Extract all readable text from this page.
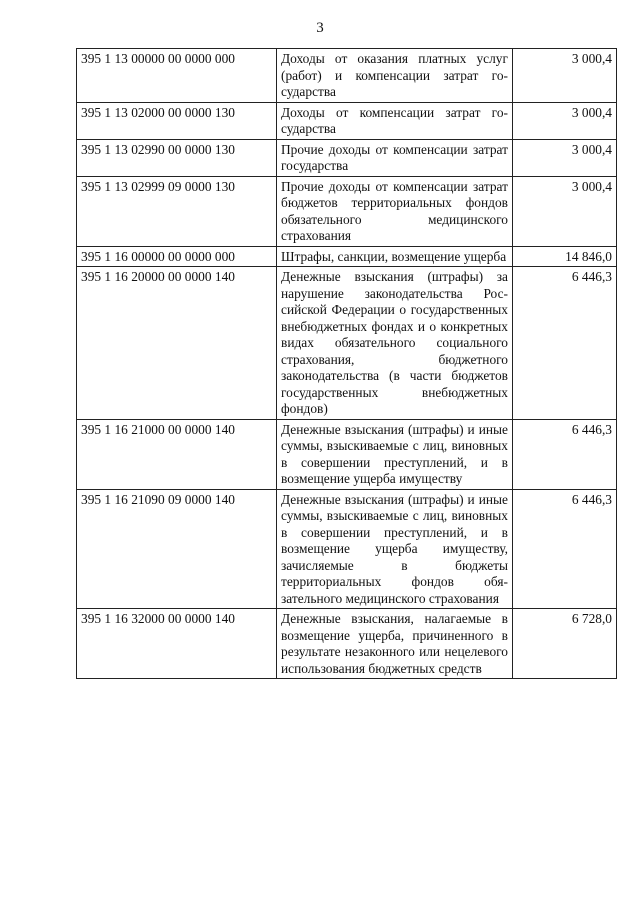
3
395 1 13 00000 00 0000 000	Доходы от оказания платных услуг (работ) и компенсации затрат государства	3 000,4
395 1 13 02000 00 0000 130	Доходы от компенсации затрат государства	3 000,4
395 1 13 02990 00 0000 130	Прочие доходы от компенсации затрат государства	3 000,4
395 1 13 02999 09 0000 130	Прочие доходы от компенсации затрат бюджетов территориальных фондов обязательного медицинского страхования	3 000,4
395 1 16 00000 00 0000 000	Штрафы, санкции, возмещение ущерба	14 846,0
395 1 16 20000 00 0000 140	Денежные взыскания (штрафы) за нарушение законодательства Российской Федерации о государственных внебюджетных фондах и о конкретных видах обязательного социального страхования, бюджетного законодательства (в части бюджетов государственных внебюджетных фондов)	6 446,3
395 1 16 21000 00 0000 140	Денежные взыскания (штрафы) и иные суммы, взыскиваемые с лиц, виновных в совершении преступлений, и в возмещение ущерба имуществу	6 446,3
395 1 16 21090 09 0000 140	Денежные взыскания (штрафы) и иные суммы, взыскиваемые с лиц, виновных в совершении преступлений, и в возмещение ущерба имуществу, зачисляемые в бюджеты территориальных фондов обязательного медицинского страхования	6 446,3
395 1 16 32000 00 0000 140	Денежные взыскания, налагаемые в возмещение ущерба, причиненного в результате незаконного или нецелевого использования бюджетных средств	6 728,0
